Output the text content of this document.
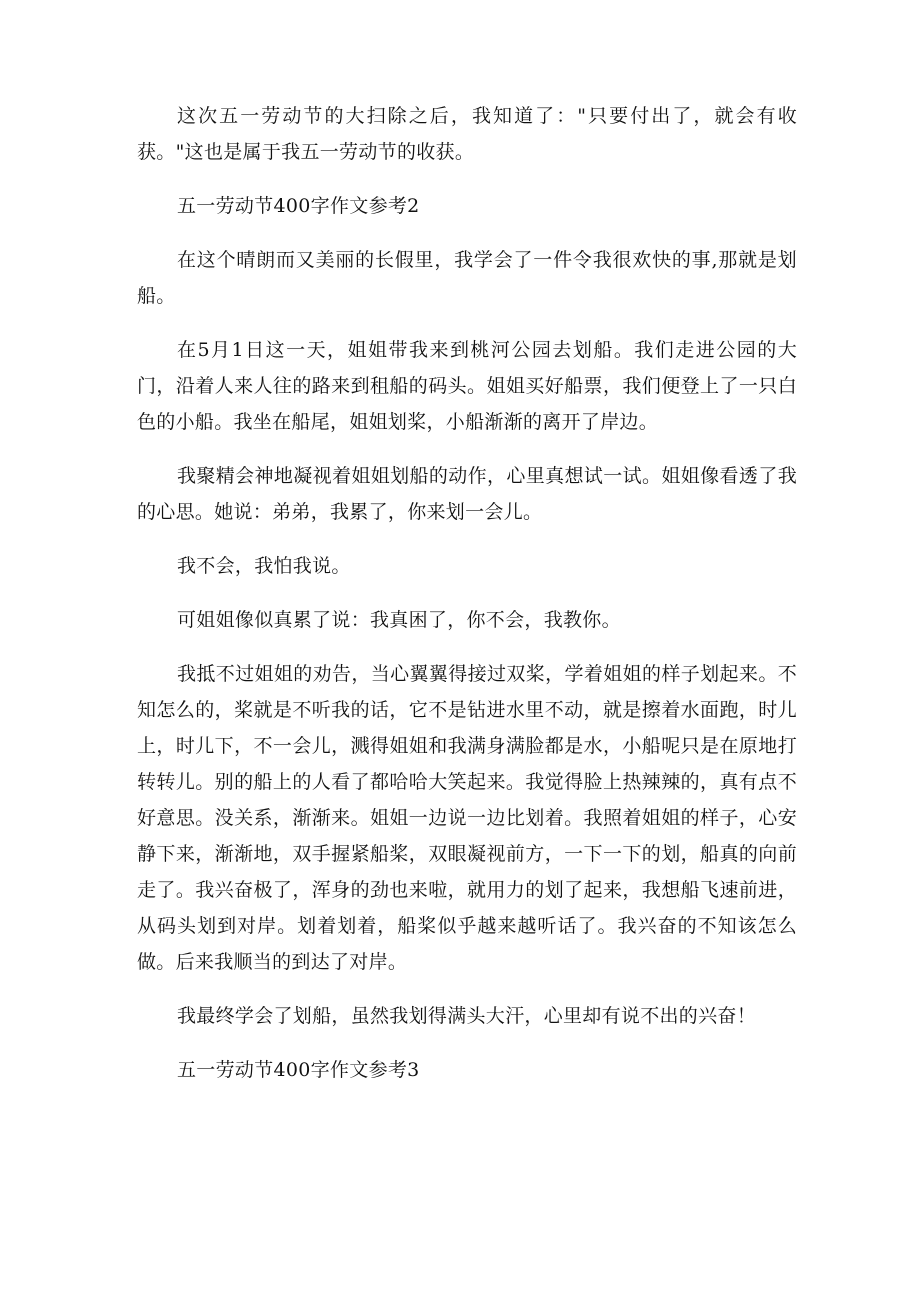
这次五一劳动节的大扫除之后，我知道了："只要付出了，就会有收获。"这也是属于我五一劳动节的收获。

五一劳动节400字作文参考2

在这个晴朗而又美丽的长假里，我学会了一件令我很欢快的事,那就是划船。

在5月1日这一天，姐姐带我来到桃河公园去划船。我们走进公园的大门，沿着人来人往的路来到租船的码头。姐姐买好船票，我们便登上了一只白色的小船。我坐在船尾，姐姐划桨，小船渐渐的离开了岸边。

我聚精会神地凝视着姐姐划船的动作，心里真想试一试。姐姐像看透了我的心思。她说：弟弟，我累了，你来划一会儿。

我不会，我怕我说。

可姐姐像似真累了说：我真困了，你不会，我教你。

我抵不过姐姐的劝告，当心翼翼得接过双桨，学着姐姐的样子划起来。不知怎么的，桨就是不听我的话，它不是钻进水里不动，就是擦着水面跑，时儿上，时儿下，不一会儿，溅得姐姐和我满身满脸都是水，小船呢只是在原地打转转儿。别的船上的人看了都哈哈大笑起来。我觉得脸上热辣辣的，真有点不好意思。没关系，渐渐来。姐姐一边说一边比划着。我照着姐姐的样子，心安静下来，渐渐地，双手握紧船桨，双眼凝视前方，一下一下的划，船真的向前走了。我兴奋极了，浑身的劲也来啦，就用力的划了起来，我想船飞速前进，从码头划到对岸。划着划着，船桨似乎越来越听话了。我兴奋的不知该怎么做。后来我顺当的到达了对岸。

我最终学会了划船，虽然我划得满头大汗，心里却有说不出的兴奋！

五一劳动节400字作文参考3
